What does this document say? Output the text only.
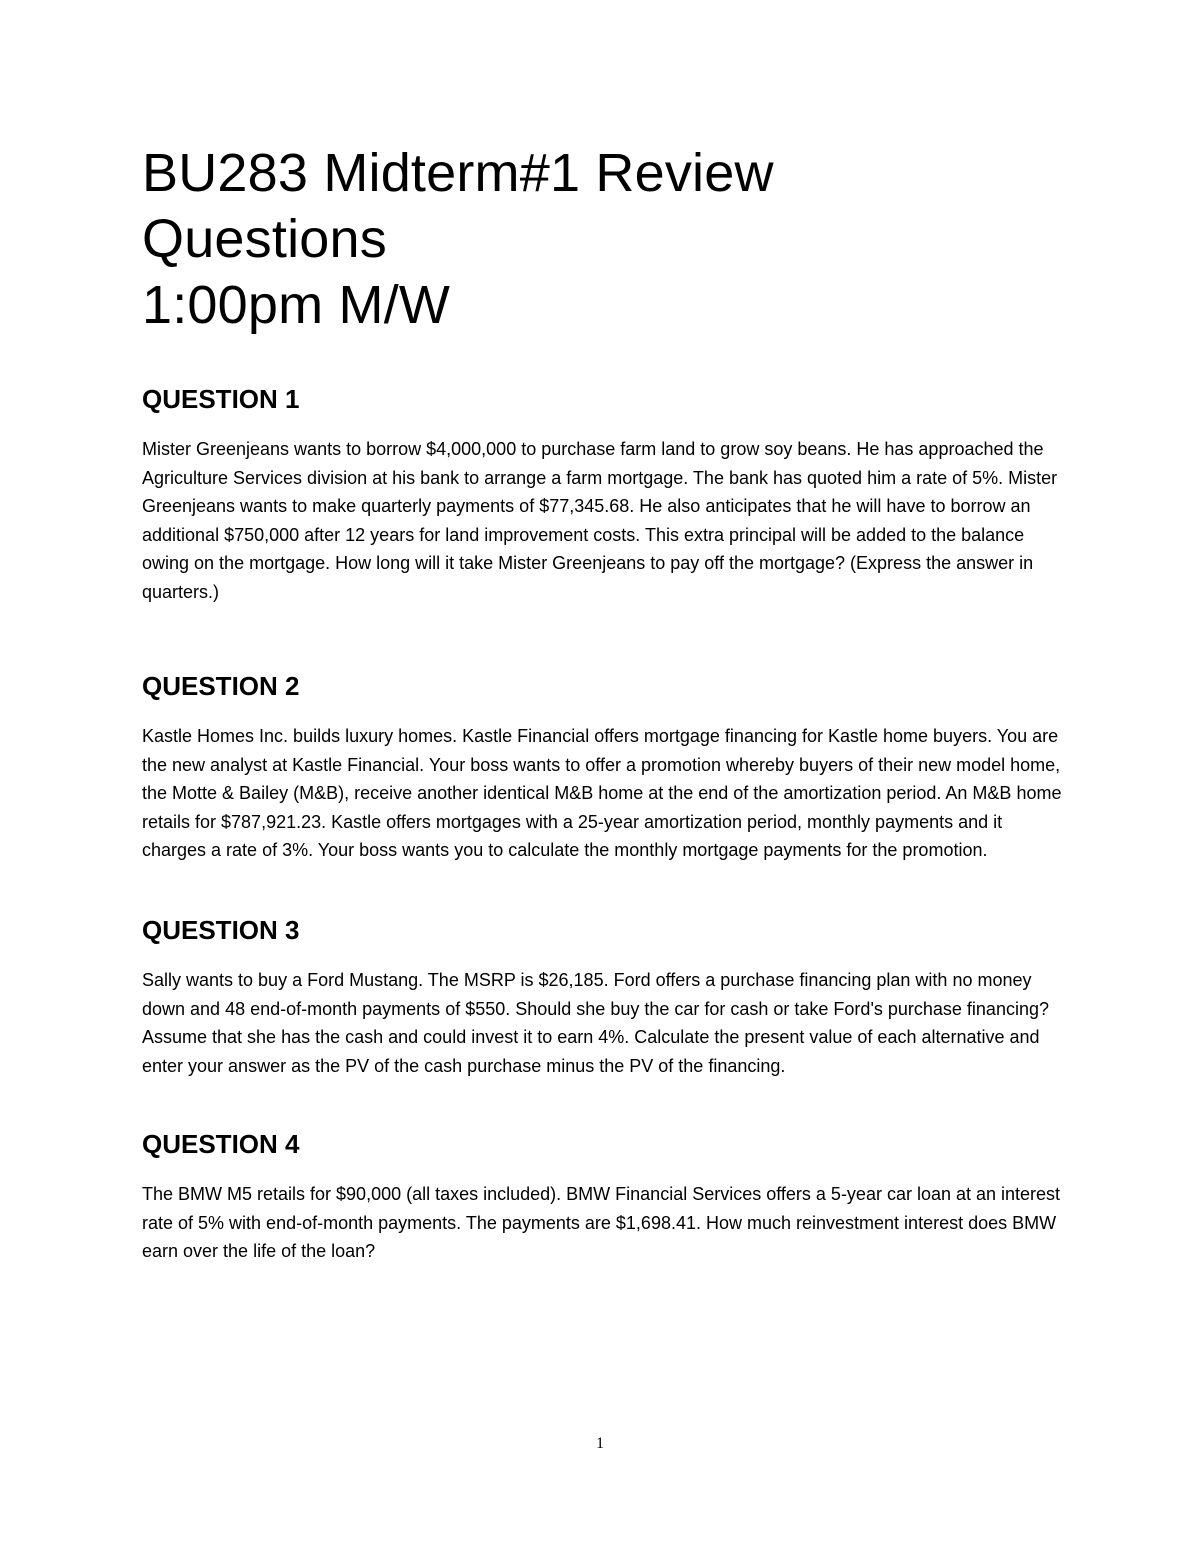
BU283 Midterm#1 Review
Questions
1:00pm M/W
QUESTION 1

Mister Greenjeans wants to borrow $4,000,000 to purchase farm land to grow soy beans. He has approached the Agriculture Services division at his bank to arrange a farm mortgage. The bank has quoted him a rate of 5%. Mister Greenjeans wants to make quarterly payments of $77,345.68. He also anticipates that he will have to borrow an additional $750,000 after 12 years for land improvement costs. This extra principal will be added to the balance owing on the mortgage. How long will it take Mister Greenjeans to pay off the mortgage? (Express the answer in quarters.)

QUESTION 2

Kastle Homes Inc. builds luxury homes. Kastle Financial offers mortgage financing for Kastle home buyers. You are the new analyst at Kastle Financial. Your boss wants to offer a promotion whereby buyers of their new model home, the Motte & Bailey (M&B), receive another identical M&B home at the end of the amortization period. An M&B home retails for $787,921.23. Kastle offers mortgages with a 25-year amortization period, monthly payments and it charges a rate of 3%. Your boss wants you to calculate the monthly mortgage payments for the promotion.

QUESTION 3

Sally wants to buy a Ford Mustang. The MSRP is $26,185. Ford offers a purchase financing plan with no money down and 48 end-of-month payments of $550. Should she buy the car for cash or take Ford's purchase financing? Assume that she has the cash and could invest it to earn 4%. Calculate the present value of each alternative and enter your answer as the PV of the cash purchase minus the PV of the financing.

QUESTION 4

The BMW M5 retails for $90,000 (all taxes included). BMW Financial Services offers a 5-year car loan at an interest rate of 5% with end-of-month payments. The payments are $1,698.41. How much reinvestment interest does BMW earn over the life of the loan?

1
